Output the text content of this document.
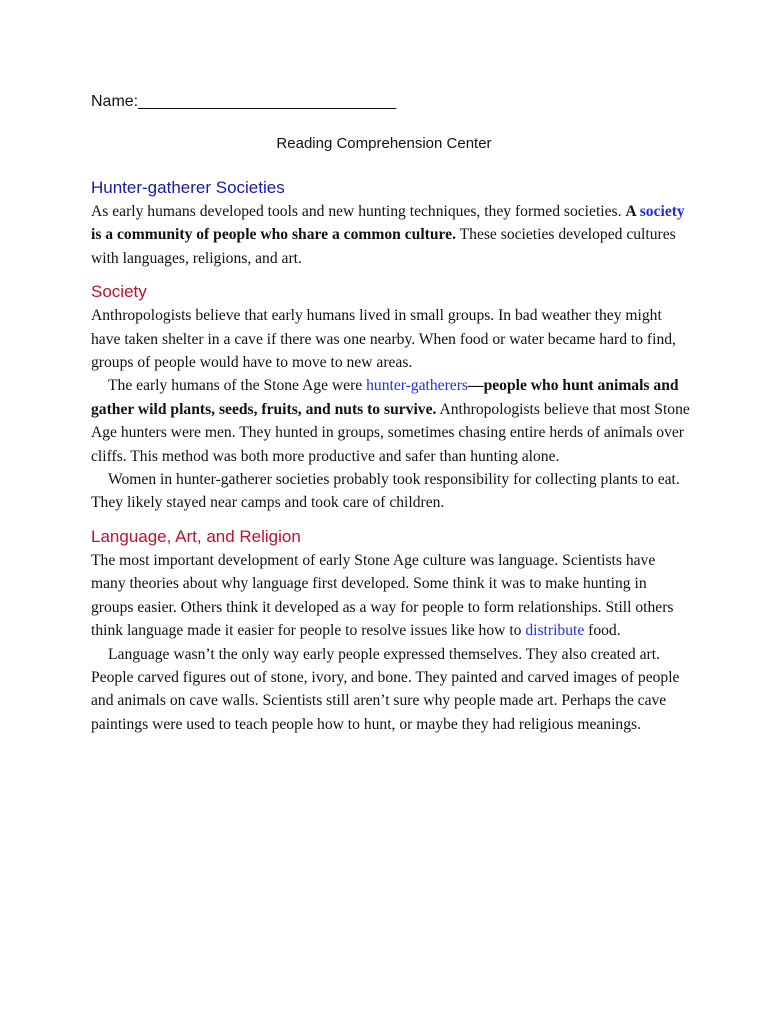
Name:_____________________________
Reading Comprehension Center
Hunter-gatherer Societies

As early humans developed tools and new hunting techniques, they formed societies. A society is a community of people who share a common culture. These societies developed cultures with languages, religions, and art.

Society

Anthropologists believe that early humans lived in small groups. In bad weather they might have taken shelter in a cave if there was one nearby. When food or water became hard to find, groups of people would have to move to new areas.

The early humans of the Stone Age were hunter-gatherers—people who hunt animals and gather wild plants, seeds, fruits, and nuts to survive. Anthropologists believe that most Stone Age hunters were men. They hunted in groups, sometimes chasing entire herds of animals over cliffs. This method was both more productive and safer than hunting alone.

Women in hunter-gatherer societies probably took responsibility for collecting plants to eat. They likely stayed near camps and took care of children.

Language, Art, and Religion

The most important development of early Stone Age culture was language. Scientists have many theories about why language first developed. Some think it was to make hunting in groups easier. Others think it developed as a way for people to form relationships. Still others think language made it easier for people to resolve issues like how to distribute food.

Language wasn’t the only way early people expressed themselves. They also created art. People carved figures out of stone, ivory, and bone. They painted and carved images of people and animals on cave walls. Scientists still aren’t sure why people made art. Perhaps the cave paintings were used to teach people how to hunt, or maybe they had religious meanings.
